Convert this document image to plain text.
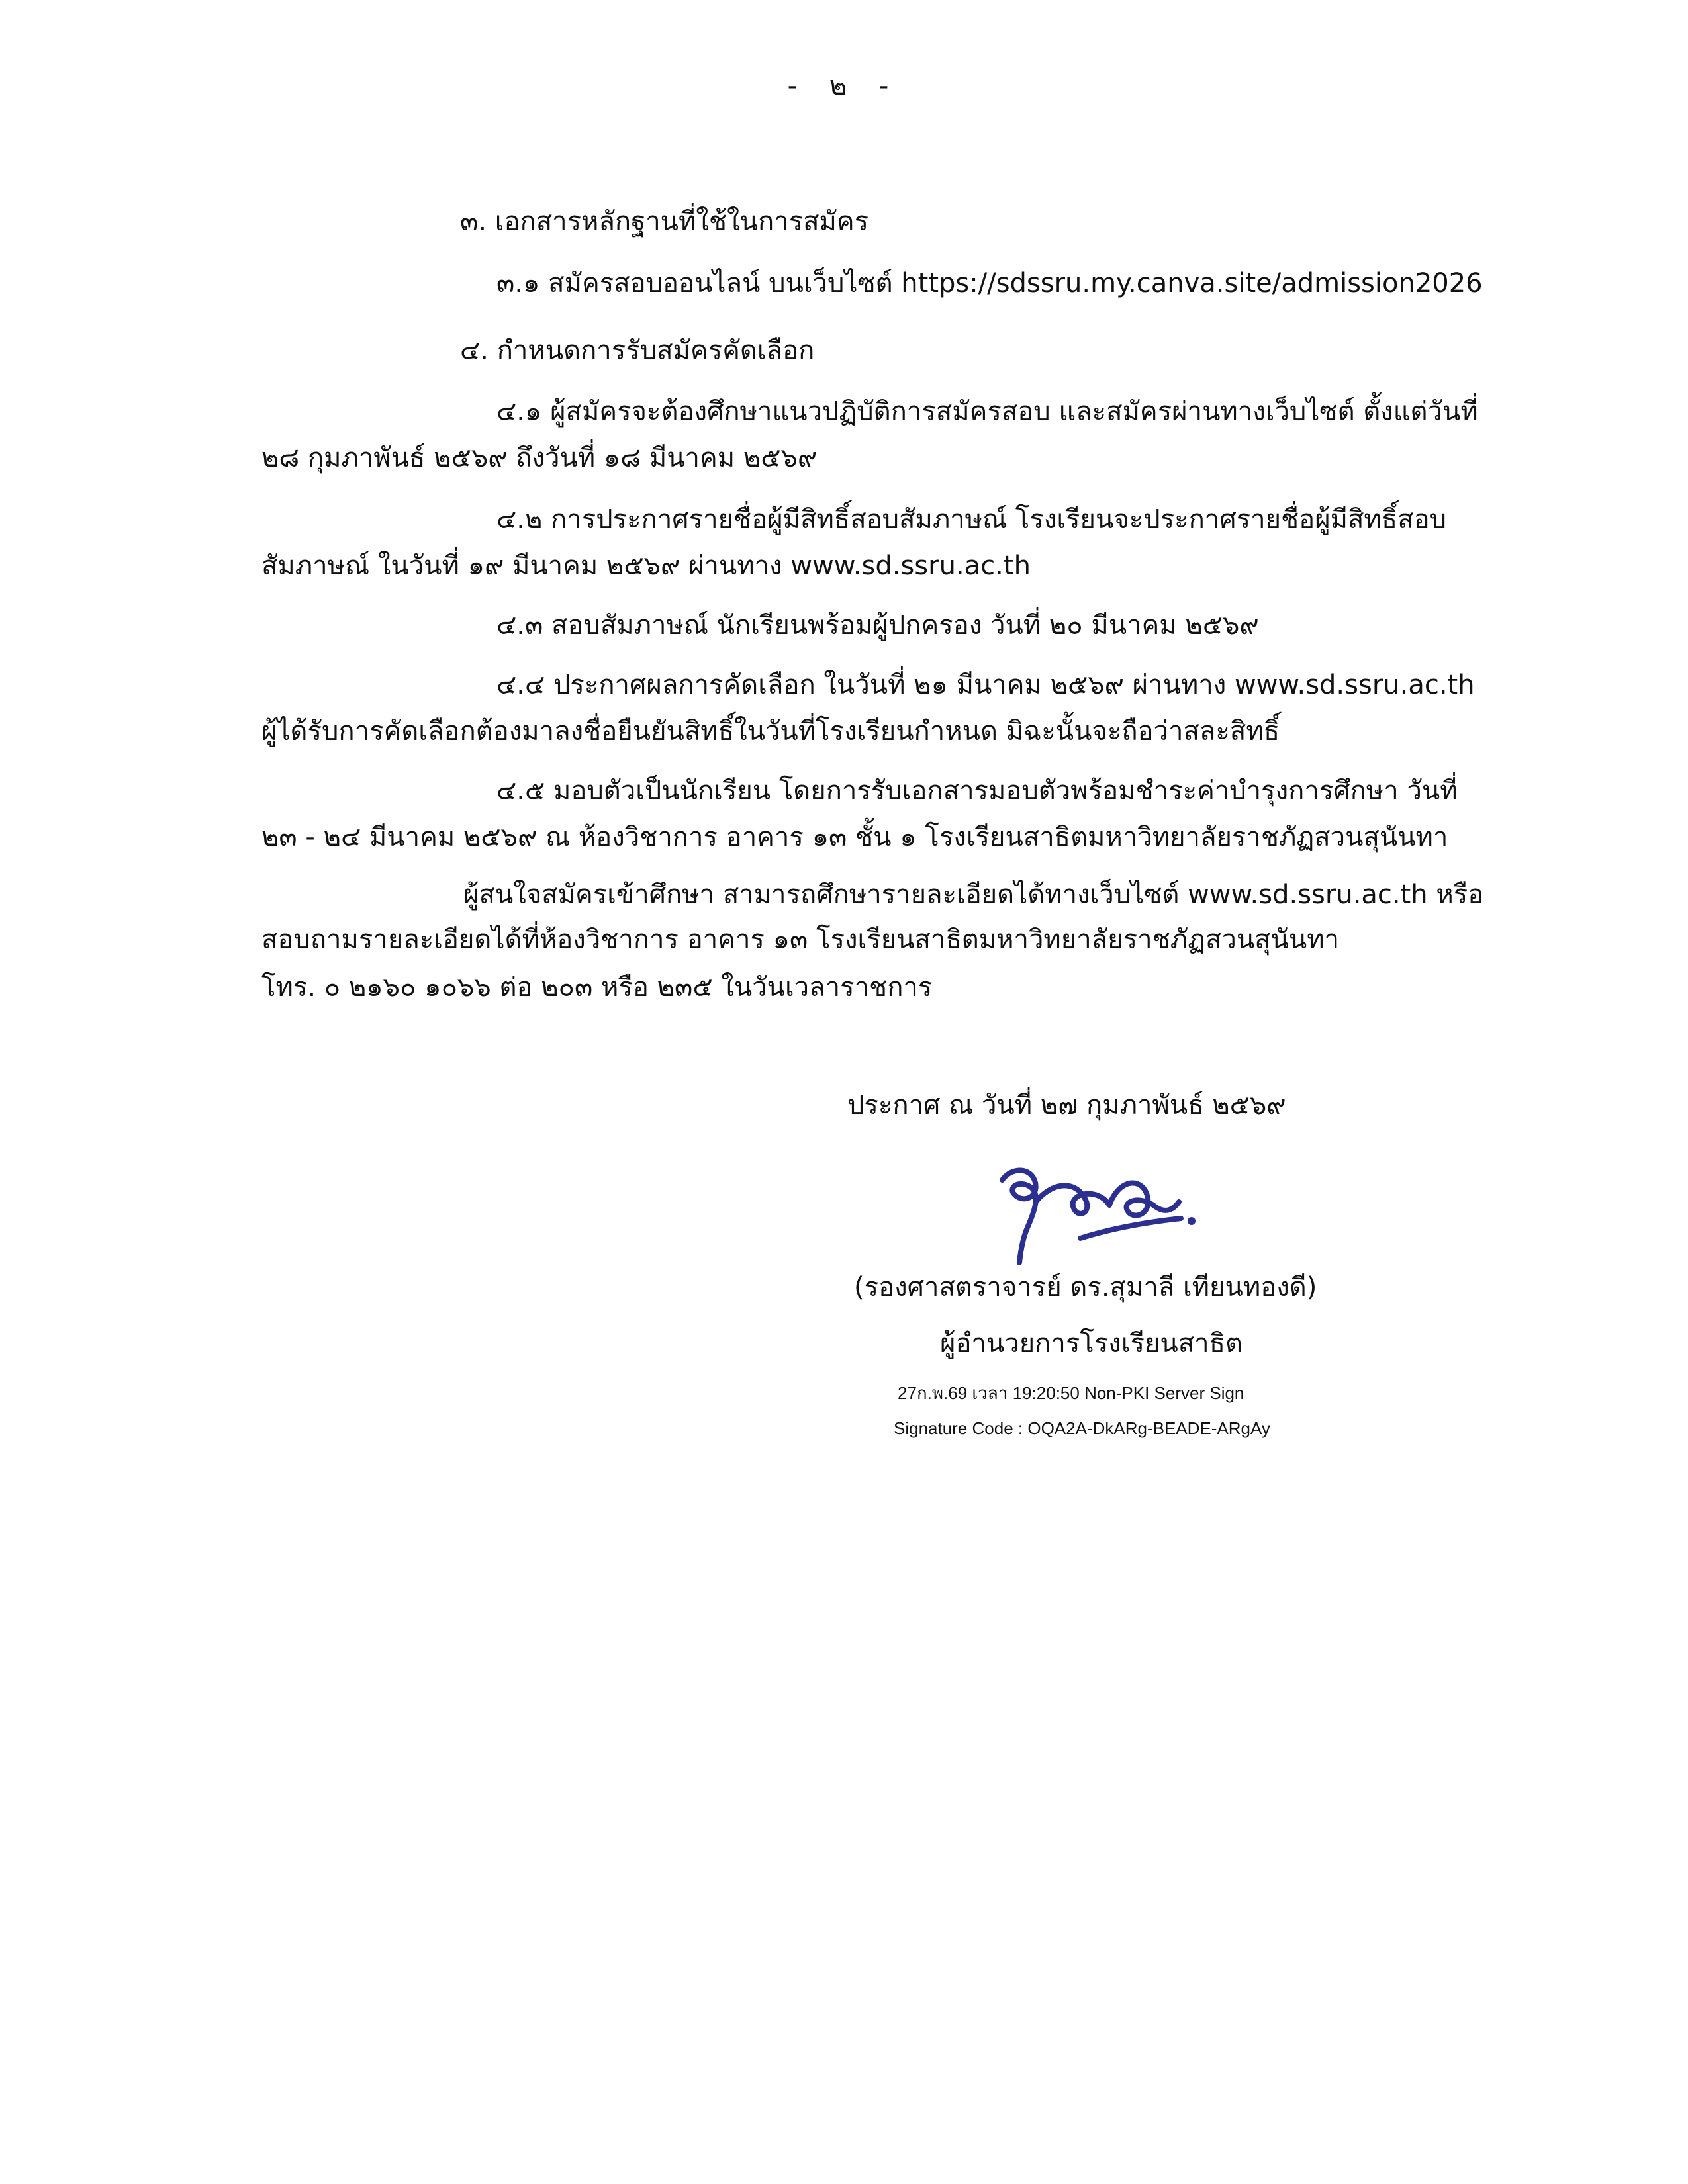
- ๒ -
๓. เอกสารหลักฐานที่ใช้ในการสมัคร
๓.๑ สมัครสอบออนไลน์ บนเว็บไซต์ https://sdssru.my.canva.site/admission2026
๔. กำหนดการรับสมัครคัดเลือก
๔.๑ ผู้สมัครจะต้องศึกษาแนวปฏิบัติการสมัครสอบ และสมัครผ่านทางเว็บไซต์ ตั้งแต่วันที่
๒๘ กุมภาพันธ์ ๒๕๖๙ ถึงวันที่ ๑๘ มีนาคม ๒๕๖๙
๔.๒ การประกาศรายชื่อผู้มีสิทธิ์สอบสัมภาษณ์ โรงเรียนจะประกาศรายชื่อผู้มีสิทธิ์สอบ
สัมภาษณ์ ในวันที่ ๑๙ มีนาคม ๒๕๖๙ ผ่านทาง www.sd.ssru.ac.th
๔.๓ สอบสัมภาษณ์ นักเรียนพร้อมผู้ปกครอง วันที่ ๒๐ มีนาคม ๒๕๖๙
๔.๔ ประกาศผลการคัดเลือก ในวันที่ ๒๑ มีนาคม ๒๕๖๙ ผ่านทาง www.sd.ssru.ac.th
ผู้ได้รับการคัดเลือกต้องมาลงชื่อยืนยันสิทธิ์ในวันที่โรงเรียนกำหนด มิฉะนั้นจะถือว่าสละสิทธิ์
๔.๕ มอบตัวเป็นนักเรียน โดยการรับเอกสารมอบตัวพร้อมชำระค่าบำรุงการศึกษา วันที่
๒๓ - ๒๔ มีนาคม ๒๕๖๙ ณ ห้องวิชาการ อาคาร ๑๓ ชั้น ๑ โรงเรียนสาธิตมหาวิทยาลัยราชภัฏสวนสุนันทา
ผู้สนใจสมัครเข้าศึกษา สามารถศึกษารายละเอียดได้ทางเว็บไซต์ www.sd.ssru.ac.th หรือ
สอบถามรายละเอียดได้ที่ห้องวิชาการ อาคาร ๑๓ โรงเรียนสาธิตมหาวิทยาลัยราชภัฏสวนสุนันทา
โทร. ๐ ๒๑๖๐ ๑๐๖๖ ต่อ ๒๐๓ หรือ ๒๓๕ ในวันเวลาราชการ
ประกาศ ณ วันที่ ๒๗ กุมภาพันธ์ ๒๕๖๙
(รองศาสตราจารย์ ดร.สุมาลี เทียนทองดี)
ผู้อำนวยการโรงเรียนสาธิต
27ก.พ.69 เวลา 19:20:50 Non-PKI Server Sign
Signature Code : OQA2A-DkARg-BEADE-ARgAy
